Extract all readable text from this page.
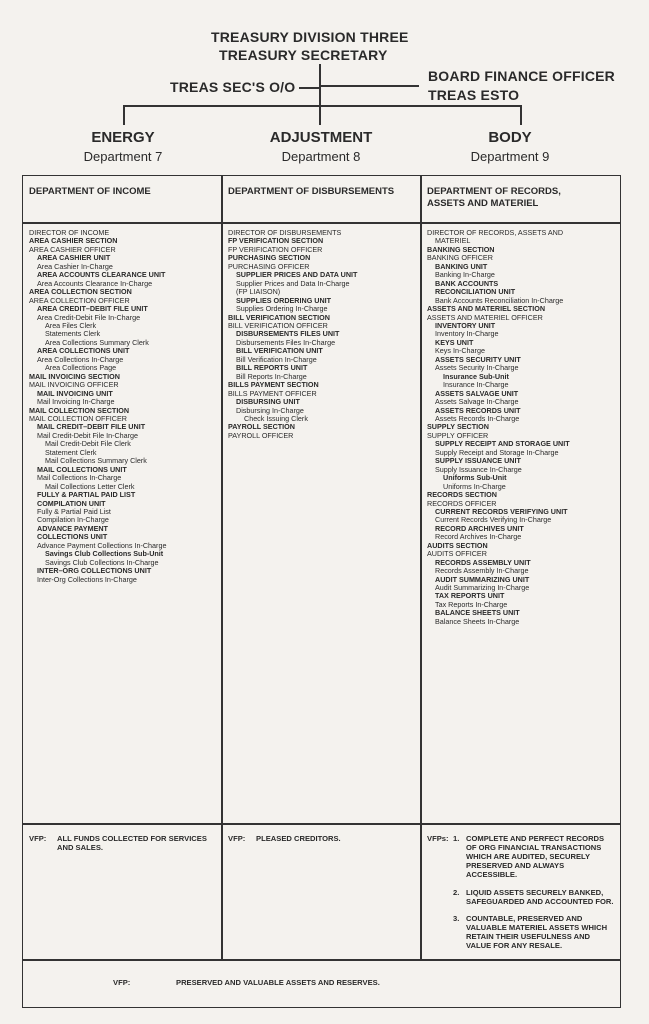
TREASURY DIVISION THREE
TREASURY SECRETARY
TREAS SEC'S O/O
BOARD FINANCE OFFICER
TREAS ESTO
ENERGY
Department 7
ADJUSTMENT
Department 8
BODY
Department 9
DEPARTMENT OF INCOME	DEPARTMENT OF DISBURSEMENTS	DEPARTMENT OF RECORDS,
ASSETS AND MATERIEL
DIRECTOR OF INCOME
AREA CASHIER SECTION
AREA CASHIER OFFICER
AREA CASHIER UNIT
Area Cashier In-Charge
AREA ACCOUNTS CLEARANCE UNIT
Area Accounts Clearance In-Charge
AREA COLLECTION SECTION
AREA COLLECTION OFFICER
AREA CREDIT–DEBIT FILE UNIT
Area Credit-Debit File In-Charge
Area Files Clerk
Statements Clerk
Area Collections Summary Clerk
AREA COLLECTIONS UNIT
Area Collections In-Charge
Area Collections Page
MAIL INVOICING SECTION
MAIL INVOICING OFFICER
MAIL INVOICING UNIT
Mail Invoicing In-Charge
MAIL COLLECTION SECTION
MAIL COLLECTION OFFICER
MAIL CREDIT–DEBIT FILE UNIT
Mail Credit-Debit File In-Charge
Mail Credit-Debit File Clerk
Statement Clerk
Mail Collections Summary Clerk
MAIL COLLECTIONS UNIT
Mail Collections In-Charge
Mail Collections Letter Clerk
FULLY & PARTIAL PAID LIST
COMPILATION UNIT
Fully & Partial Paid List
Compilation In-Charge
ADVANCE PAYMENT
COLLECTIONS UNIT
Advance Payment Collections In-Charge
Savings Club Collections Sub-Unit
Savings Club Collections In-Charge
INTER–ORG COLLECTIONS UNIT
Inter-Org Collections In-Charge
DIRECTOR OF DISBURSEMENTS
FP VERIFICATION SECTION
FP VERIFICATION OFFICER
PURCHASING SECTION
PURCHASING OFFICER
SUPPLIER PRICES AND DATA UNIT
Supplier Prices and Data In-Charge
(FP LIAISON)
SUPPLIES ORDERING UNIT
Supplies Ordering In-Charge
BILL VERIFICATION SECTION
BILL VERIFICATION OFFICER
DISBURSEMENTS FILES UNIT
Disbursements Files In-Charge
BILL VERIFICATION UNIT
Bill Verification In-Charge
BILL REPORTS UNIT
Bill Reports In-Charge
BILLS PAYMENT SECTION
BILLS PAYMENT OFFICER
DISBURSING UNIT
Disbursing In-Charge
Check Issuing Clerk
PAYROLL SECTION
PAYROLL OFFICER
DIRECTOR OF RECORDS, ASSETS AND
MATERIEL
BANKING SECTION
BANKING OFFICER
BANKING UNIT
Banking In-Charge
BANK ACCOUNTS
RECONCILIATION UNIT
Bank Accounts Reconciliation In-Charge
ASSETS AND MATERIEL SECTION
ASSETS AND MATERIEL OFFICER
INVENTORY UNIT
Inventory In-Charge
KEYS UNIT
Keys In-Charge
ASSETS SECURITY UNIT
Assets Security In-Charge
Insurance Sub-Unit
Insurance In-Charge
ASSETS SALVAGE UNIT
Assets Salvage In-Charge
ASSETS RECORDS UNIT
Assets Records In-Charge
SUPPLY SECTION
SUPPLY OFFICER
SUPPLY RECEIPT AND STORAGE UNIT
Supply Receipt and Storage In-Charge
SUPPLY ISSUANCE UNIT
Supply Issuance In-Charge
Uniforms Sub-Unit
Uniforms In-Charge
RECORDS SECTION
RECORDS OFFICER
CURRENT RECORDS VERIFYING UNIT
Current Records Verifying In-Charge
RECORD ARCHIVES UNIT
Record Archives In-Charge
AUDITS SECTION
AUDITS OFFICER
RECORDS ASSEMBLY UNIT
Records Assembly In-Charge
AUDIT SUMMARIZING UNIT
Audit Summarizing In-Charge
TAX REPORTS UNIT
Tax Reports In-Charge
BALANCE SHEETS UNIT
Balance Sheets In-Charge
VFP: ALL FUNDS COLLECTED FOR SERVICES
AND SALES.
VFP: PLEASED CREDITORS.	VFPs: 1. COMPLETE AND PERFECT RECORDS
OF ORG FINANCIAL TRANSACTIONS
WHICH ARE AUDITED, SECURELY
PRESERVED AND ALWAYS
ACCESSIBLE.
2. LIQUID ASSETS SECURELY BANKED,
SAFEGUARDED AND ACCOUNTED FOR.
3. COUNTABLE, PRESERVED AND
VALUABLE MATERIEL ASSETS WHICH
RETAIN THEIR USEFULNESS AND
VALUE FOR ANY RESALE.
VFP:	PRESERVED AND VALUABLE ASSETS AND RESERVES.
